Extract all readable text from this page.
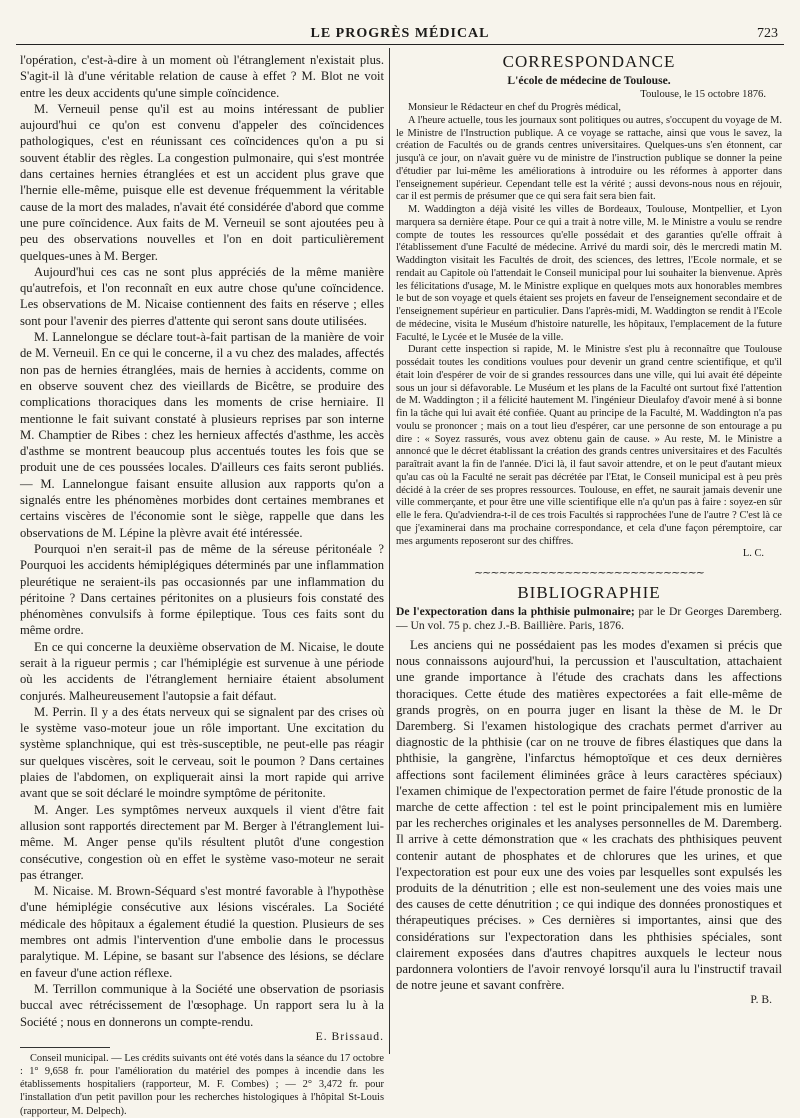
LE PROGRÈS MÉDICAL	723

l'opération, c'est-à-dire à un moment où l'étranglement n'existait plus. S'agit-il là d'une véritable relation de cause à effet ? M. Blot ne voit entre les deux accidents qu'une simple coïncidence.

M. Verneuil pense qu'il est au moins intéressant de publier aujourd'hui ce qu'on est convenu d'appeler des coïncidences pathologiques, c'est en réunissant ces coïncidences qu'on a pu si souvent établir des règles. La congestion pulmonaire, qui s'est montrée dans certaines hernies étranglées et est un accident plus grave que l'hernie elle-même, puisque elle est devenue fréquemment la véritable cause de la mort des malades, n'avait été considérée d'abord que comme une pure coïncidence. Aux faits de M. Verneuil se sont ajoutées peu à peu des observations nouvelles et l'on en doit particulièrement quelques-unes à M. Berger.

Aujourd'hui ces cas ne sont plus appréciés de la même manière qu'autrefois, et l'on reconnaît en eux autre chose qu'une coïncidence. Les observations de M. Nicaise contiennent des faits en réserve ; elles sont pour l'avenir des pierres d'attente qui seront sans doute utilisées.

M. Lannelongue se déclare tout-à-fait partisan de la manière de voir de M. Verneuil. En ce qui le concerne, il a vu chez des malades, affectés non pas de hernies étranglées, mais de hernies à accidents, comme on en observe souvent chez des vieillards de Bicêtre, se produire des complications thoraciques dans les moments de crise herniaire. Il mentionne le fait suivant constaté à plusieurs reprises par son interne M. Champtier de Ribes : chez les hernieux affectés d'asthme, les accès d'asthme se montrent beaucoup plus accentués toutes les fois que se produit une de ces poussées locales. D'ailleurs ces faits seront publiés. — M. Lannelongue faisant ensuite allusion aux rapports qu'on a signalés entre les phénomènes morbides dont certaines membranes et certains viscères de l'économie sont le siège, rappelle que dans les observations de M. Lépine la plèvre avait été intéressée.

Pourquoi n'en serait-il pas de même de la séreuse péritonéale ? Pourquoi les accidents hémiplégiques déterminés par une inflammation pleurétique ne seraient-ils pas occasionnés par une inflammation du péritoine ? Dans certaines péritonites on a plusieurs fois constaté des phénomènes convulsifs à forme épileptique. Tous ces faits sont du même ordre.

En ce qui concerne la deuxième observation de M. Nicaise, le doute serait à la rigueur permis ; car l'hémiplégie est survenue à une période où les accidents de l'étranglement herniaire étaient absolument conjurés. Malheureusement l'autopsie a fait défaut.

M. Perrin. Il y a des états nerveux qui se signalent par des crises où le système vaso-moteur joue un rôle important. Une excitation du système splanchnique, qui est très-susceptible, ne peut-elle pas réagir sur quelques viscères, soit le cerveau, soit le poumon ? Dans certaines plaies de l'abdomen, on expliquerait ainsi la mort rapide qui arrive avant que se soit déclaré le moindre symptôme de péritonite.

M. Anger. Les symptômes nerveux auxquels il vient d'être fait allusion sont rapportés directement par M. Berger à l'étranglement lui-même. M. Anger pense qu'ils résultent plutôt d'une congestion consécutive, congestion où en effet le système vaso-moteur ne serait pas étranger.

M. Nicaise. M. Brown-Séquard s'est montré favorable à l'hypothèse d'une hémiplégie consécutive aux lésions viscérales. La Société médicale des hôpitaux a également étudié la question. Plusieurs de ses membres ont admis l'intervention d'une embolie dans le processus paralytique. M. Lépine, se basant sur l'absence des lésions, se déclare en faveur d'une action réflexe.

M. Terrillon communique à la Société une observation de psoriasis buccal avec rétrécissement de l'œsophage. Un rapport sera lu à la Société ; nous en donnerons un compte-rendu.

E. Brissaud.

Conseil municipal. — Les crédits suivants ont été votés dans la séance du 17 octobre : 1° 9,658 fr. pour l'amélioration du matériel des pompes à incendie dans les établissements hospitaliers (rapporteur, M. F. Combes) ; — 2° 3,472 fr. pour l'installation d'un petit pavillon pour les recherches histologiques à l'hôpital St-Louis (rapporteur, M. Delpech).

CORRESPONDANCE

L'école de médecine de Toulouse.

Toulouse, le 15 octobre 1876.

Monsieur le Rédacteur en chef du Progrès médical,

A l'heure actuelle, tous les journaux sont politiques ou autres, s'occupent du voyage de M. le Ministre de l'Instruction publique. A ce voyage se rattache, ainsi que vous le savez, la création de Facultés ou de grands centres universitaires. Quelques-uns s'en étonnent, car jusqu'à ce jour, on n'avait guère vu de ministre de l'instruction publique se donner la peine d'étudier par lui-même les améliorations à introduire ou les réformes à apporter dans l'enseignement supérieur. Cependant telle est la vérité ; aussi devons-nous nous en réjouir, car il est permis de présumer que ce qui sera fait sera bien fait.

M. Waddington a déjà visité les villes de Bordeaux, Toulouse, Montpellier, et Lyon marquera sa dernière étape. Pour ce qui a trait à notre ville, M. le Ministre a voulu se rendre compte de toutes les ressources qu'elle possédait et des garanties qu'elle offrait à l'établissement d'une Faculté de médecine. Arrivé du mardi soir, dès le mercredi matin M. Waddington visitait les Facultés de droit, des sciences, des lettres, l'Ecole normale, et se rendait au Capitole où l'attendait le Conseil municipal pour lui souhaiter la bienvenue. Après les félicitations d'usage, M. le Ministre explique en quelques mots aux honorables membres le but de son voyage et quels étaient ses projets en faveur de l'enseignement secondaire et de l'enseignement supérieur en particulier. Dans l'après-midi, M. Waddington se rendit à l'Ecole de médecine, visita le Muséum d'histoire naturelle, les hôpitaux, l'emplacement de la future Faculté, le Lycée et le Musée de la ville.

Durant cette inspection si rapide, M. le Ministre s'est plu à reconnaître que Toulouse possédait toutes les conditions voulues pour devenir un grand centre scientifique, et qu'il était loin d'espérer de voir de si grandes ressources dans une ville, qui lui avait été dépeinte sous un jour si défavorable. Le Muséum et les plans de la Faculté ont surtout fixé l'attention de M. Waddington ; il a félicité hautement M. l'ingénieur Dieulafoy d'avoir mené à si bonne fin la tâche qui lui avait été confiée. Quant au principe de la Faculté, M. Waddington n'a pas voulu se prononcer ; mais on a tout lieu d'espérer, car une personne de son entourage a pu dire : « Soyez rassurés, vous avez obtenu gain de cause. » Au reste, M. le Ministre a annoncé que le décret établissant la création des grands centres universitaires et des Facultés paraîtrait avant la fin de l'année. D'ici là, il faut savoir attendre, et on le peut d'autant mieux qu'au cas où la Faculté ne serait pas décrétée par l'Etat, le Conseil municipal est à peu près décidé à la créer de ses propres ressources. Toulouse, en effet, ne saurait jamais devenir une ville commerçante, et pour être une ville scientifique elle n'a qu'un pas à faire : soyez-en sûr elle le fera. Qu'adviendra-t-il de ces trois Facultés si rapprochées l'une de l'autre ? C'est là ce que j'examinerai dans ma prochaine correspondance, et cela d'une façon péremptoire, car mes arguments reposeront sur des chiffres.

L. C.

~~~~~~~~~~~~~~~~~~~~~~~~~~~~

BIBLIOGRAPHIE

De l'expectoration dans la phthisie pulmonaire; par le Dr Georges Daremberg. — Un vol. 75 p. chez J.-B. Baillière. Paris, 1876.

Les anciens qui ne possédaient pas les modes d'examen si précis que nous connaissons aujourd'hui, la percussion et l'auscultation, attachaient une grande importance à l'étude des crachats dans les affections thoraciques. Cette étude des matières expectorées a fait elle-même de grands progrès, on en pourra juger en lisant la thèse de M. le Dr Daremberg. Si l'examen histologique des crachats permet d'arriver au diagnostic de la phthisie (car on ne trouve de fibres élastiques que dans la phthisie, la gangrène, l'infarctus hémoptoïque et ces deux dernières affections sont facilement éliminées grâce à leurs caractères spéciaux) l'examen chimique de l'expectoration permet de faire l'étude pronostic de la marche de cette affection : tel est le point principalement mis en lumière par les recherches originales et les analyses personnelles de M. Daremberg. Il arrive à cette démonstration que « les crachats des phthisiques peuvent contenir autant de phosphates et de chlorures que les urines, et que l'expectoration est pour eux une des voies par lesquelles sont expulsés les produits de la dénutrition ; elle est non-seulement une des voies mais une des causes de cette dénutrition ; ce qui indique des données pronostiques et thérapeutiques précises. » Ces dernières si importantes, ainsi que des considérations sur l'expectoration dans les phthisies spéciales, sont clairement exposées dans d'autres chapitres auxquels le lecteur nous pardonnera volontiers de l'avoir renvoyé lorsqu'il aura lu l'instructif travail de notre jeune et savant confrère.

P. B.
